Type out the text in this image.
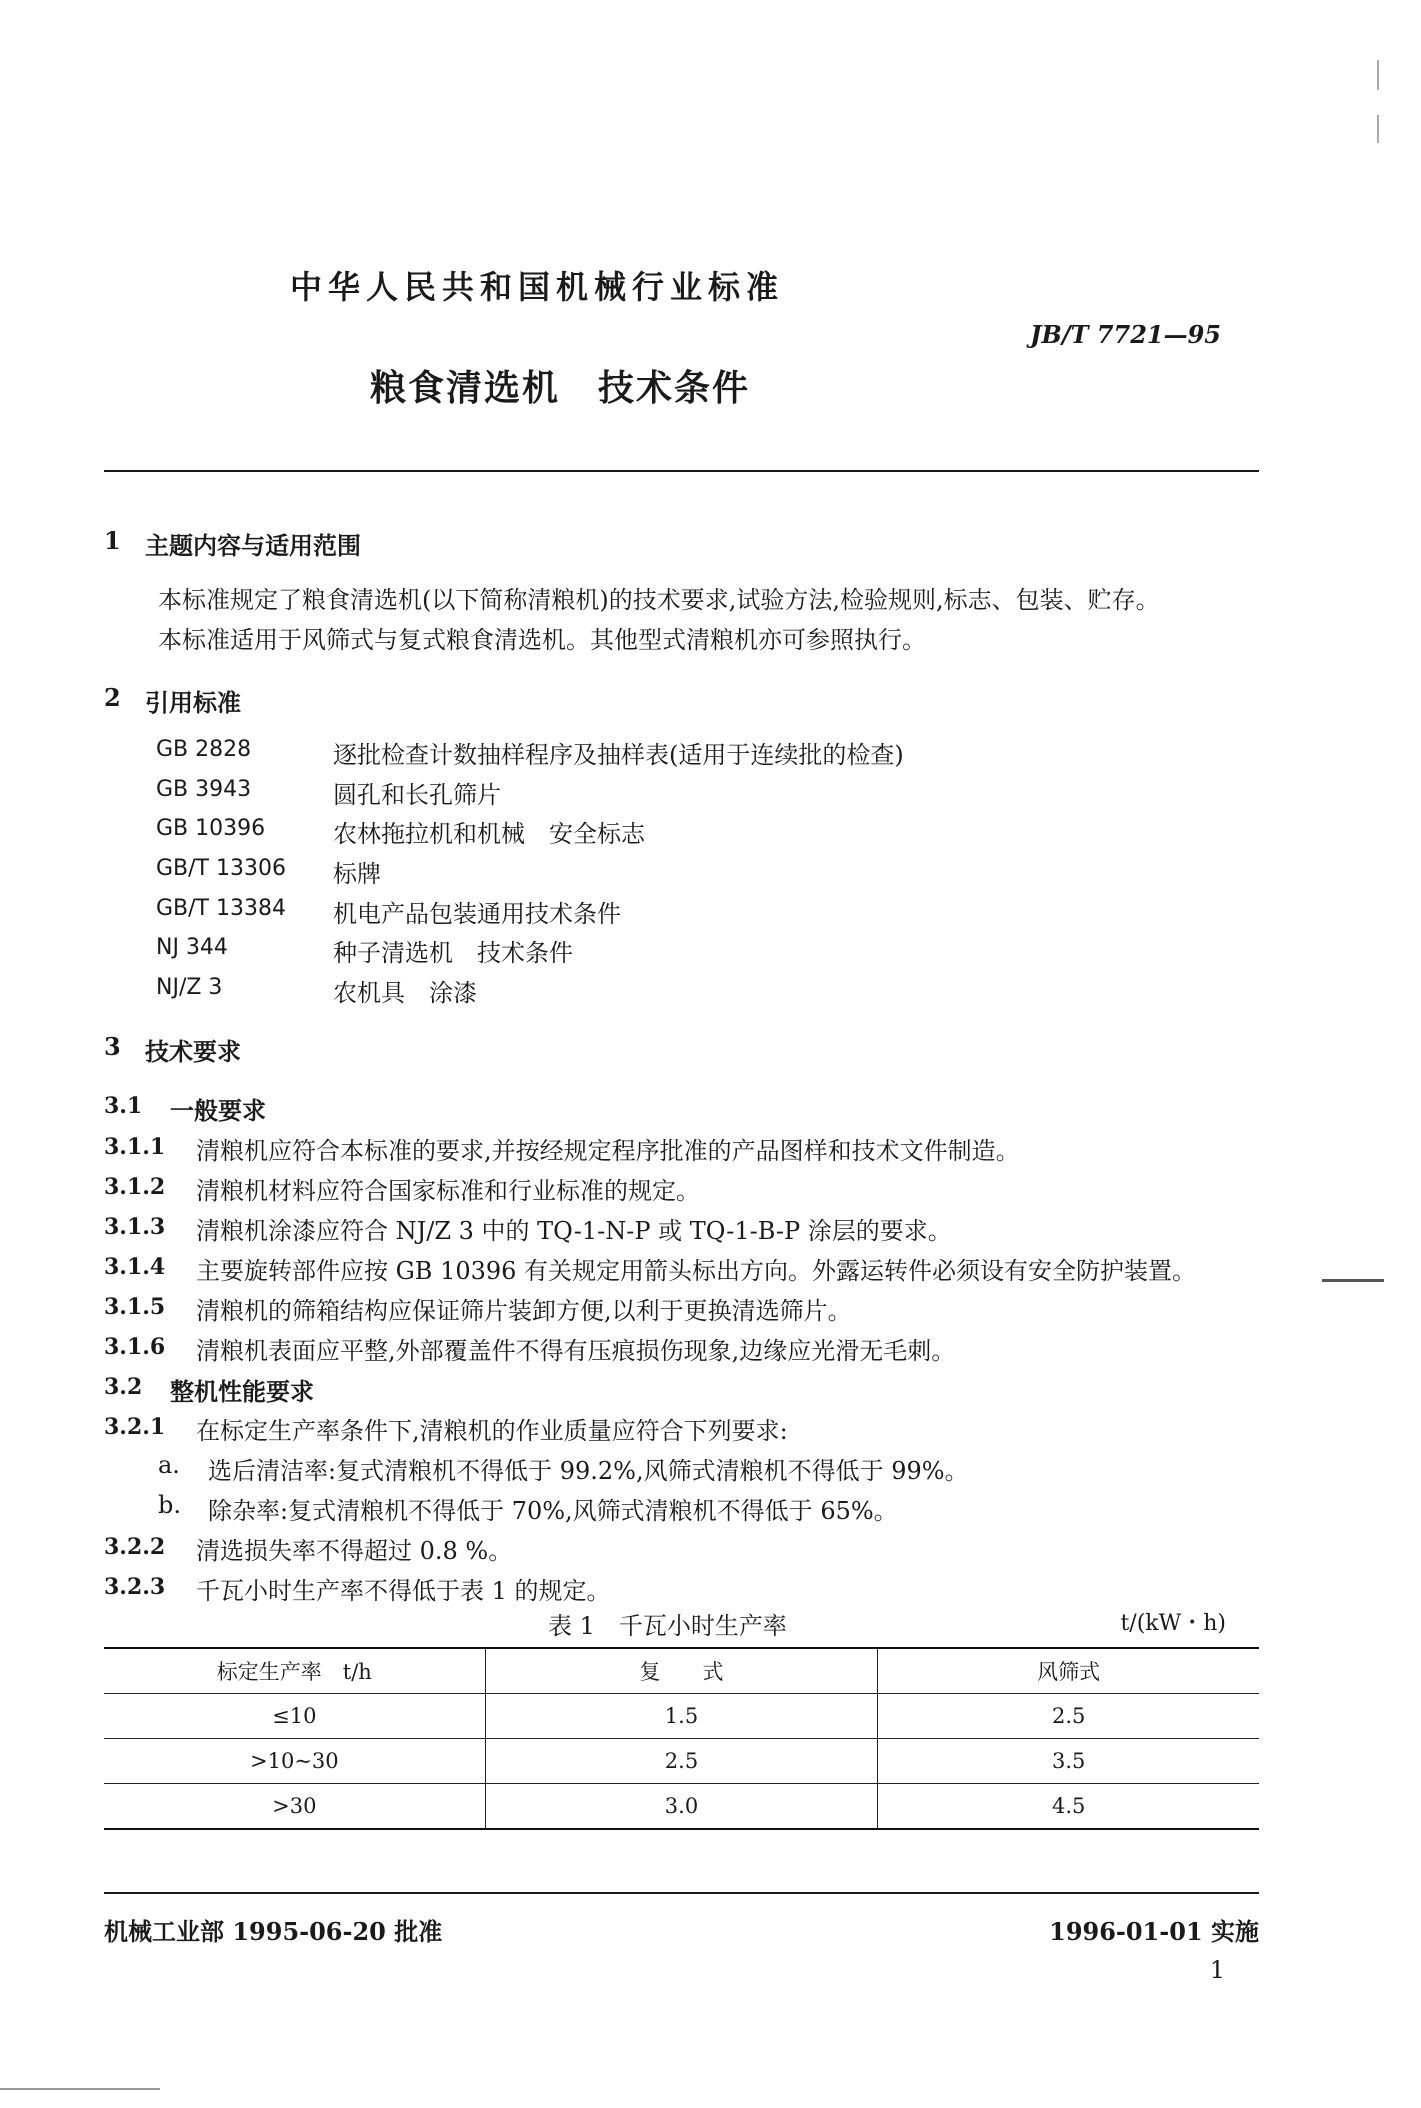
中华人民共和国机械行业标准
JB/T 7721—95
粮食清选机　技术条件
1 主题内容与适用范围
本标准规定了粮食清选机(以下简称清粮机)的技术要求,试验方法,检验规则,标志、包装、贮存。
本标准适用于风筛式与复式粮食清选机。其他型式清粮机亦可参照执行。
2 引用标准
GB 2828	逐批检查计数抽样程序及抽样表(适用于连续批的检查)
GB 3943	圆孔和长孔筛片
GB 10396	农林拖拉机和机械　安全标志
GB/T 13306 标牌
GB/T 13384 机电产品包装通用技术条件
NJ 344	种子清选机　技术条件
NJ/Z 3	农机具　涂漆
3 技术要求
3.1 一般要求
3.1.1 清粮机应符合本标准的要求,并按经规定程序批准的产品图样和技术文件制造。
3.1.2 清粮机材料应符合国家标准和行业标准的规定。
3.1.3 清粮机涂漆应符合 NJ/Z 3 中的 TQ-1-N-P 或 TQ-1-B-P 涂层的要求。
3.1.4 主要旋转部件应按 GB 10396 有关规定用箭头标出方向。外露运转件必须设有安全防护装置。
3.1.5 清粮机的筛箱结构应保证筛片装卸方便,以利于更换清选筛片。
3.1.6 清粮机表面应平整,外部覆盖件不得有压痕损伤现象,边缘应光滑无毛刺。
3.2 整机性能要求
3.2.1 在标定生产率条件下,清粮机的作业质量应符合下列要求:
a. 选后清洁率:复式清粮机不得低于 99.2%,风筛式清粮机不得低于 99%。
b. 除杂率:复式清粮机不得低于 70%,风筛式清粮机不得低于 65%。
3.2.2 清选损失率不得超过 0.8 %。
3.2.3 千瓦小时生产率不得低于表 1 的规定。
表 1　千瓦小时生产率	t/(kW・h)
标定生产率　t/h	复　　式	风筛式
≤10	1.5	2.5
>10~30	2.5	3.5
>30	3.0	4.5
机械工业部 1995-06-20 批准	1996-01-01 实施
1
